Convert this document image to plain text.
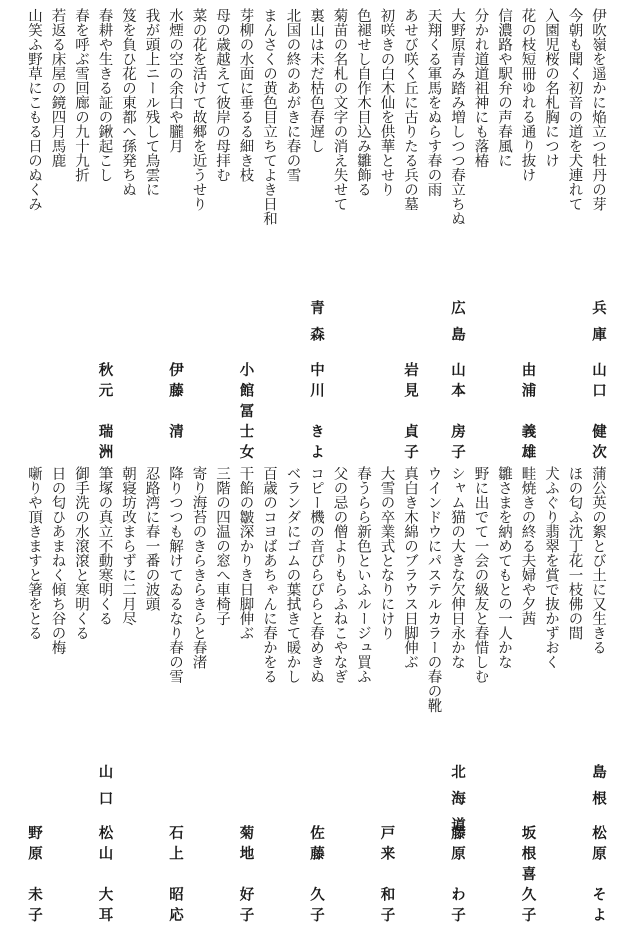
伊吹嶺を遥かに焔立つ牡丹の芽
兵庫
山口　健次
今朝も聞く初音の道を犬連れて
入園児桜の名札胸につけ
花の枝短冊ゆれる通り抜け
由浦　義雄
信濃路や駅弁の声春風に
分かれ道道祖神にも落椿
大野原青み踏み増しつつ春立ちぬ
広島
山本　房子
天翔くる軍馬をぬらす春の雨
あせび咲く丘に古りたる兵の墓
岩見　貞子
初咲きの白木仙を供華とせり
色褪せし自作木目込み雛飾る
菊苗の名札の文字の消え失せて
裏山は未だ枯色春遅し
青森
中川　きよ
北国の終のあがきに春の雪
まんさくの黄色目立ちてよき日和
芽柳の水面に垂るる細き枝
小館冨士女
母の歳越えて彼岸の母拝む
菜の花を活けて故郷を近うせり
水煙の空の余白や朧月
伊藤　清
我が頭上ニール残して鳥雲に
笈を負ひ花の東都へ孫発ちぬ
春耕や生きる証の鍬起こし
秋元　瑞洲
春を呼ぶ雪回廊の九十九折
若返る床屋の鏡四月馬鹿
山笑ふ野草にこもる日のぬくみ
蒲公英の絮とび土に又生きる
島根
松原　そよ
ほの匂ふ沈丁花一枝佛の間
犬ふぐり翡翠を賞で抜かずおく
畦焼きの終る夫婦や夕茜
坂根喜久子
雛さまを納めてもとの一人かな
野に出でて一会の級友と春惜しむ
シャム猫の大きな欠伸日永かな
北海道
藤原　わ子
ウインドウにパステルカラーの春の靴
真白き木綿のブラウス日脚伸ぶ
大雪の卒業式となりにけり
戸来　和子
春うらら新色といふルージュ買ふ
父の忌の僧よりもらふねこやなぎ
コピー機の音ぴらぴらと春めきぬ
佐藤　久子
ベランダにゴムの葉拭きて暖かし
百歳のコヨばあちゃんに春かをる
干餡の皺深かりき日脚伸ぶ
菊地　好子
三階の四温の窓へ車椅子
寄り海苔のきらきらきらと春渚
降りつつも解けてゐるなり春の雪
石上　昭応
忍路湾に春一番の波頭
朝寝坊改まらずに二月尽
筆塚の真立不動寒明くる
山口
松山　大耳
御手洗の水滾滾と寒明くる
日の匂ひあまねく傾ち谷の梅
噺りや頂きますと箸をとる
野原　未子
